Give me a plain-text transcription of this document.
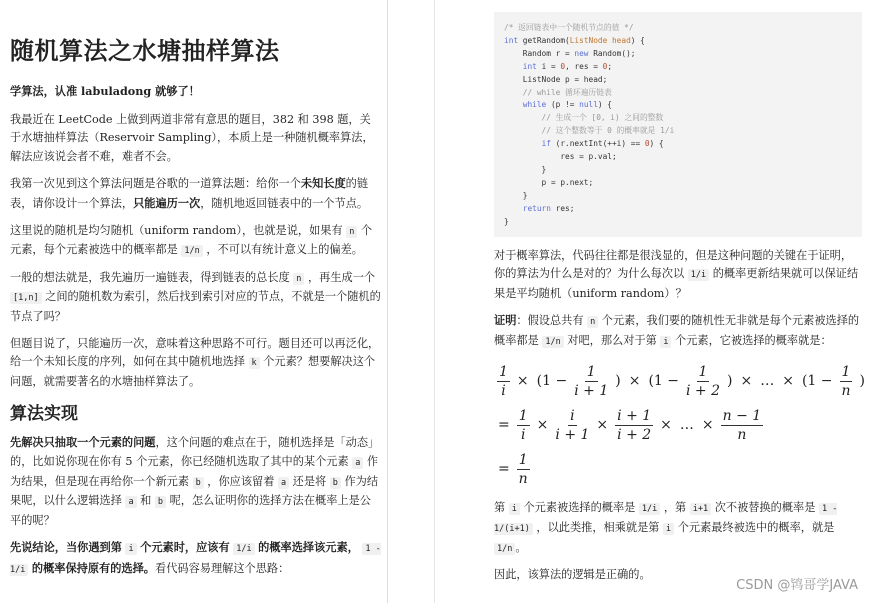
随机算法之水塘抽样算法

学算法，认准 labuladong 就够了！

我最近在 LeetCode 上做到两道非常有意思的题目，382 和 398 题，关于水塘抽样算法（Reservoir Sampling），本质上是一种随机概率算法，解法应该说会者不难，难者不会。

我第一次见到这个算法问题是谷歌的一道算法题：给你一个未知长度的链表，请你设计一个算法，只能遍历一次，随机地返回链表中的一个节点。

这里说的随机是均匀随机（uniform random），也就是说，如果有 n 个元素，每个元素被选中的概率都是 1/n ，不可以有统计意义上的偏差。

一般的想法就是，我先遍历一遍链表，得到链表的总长度 n ，再生成一个 [1,n] 之间的随机数为索引，然后找到索引对应的节点，不就是一个随机的节点了吗？

但题目说了，只能遍历一次，意味着这种思路不可行。题目还可以再泛化，给一个未知长度的序列，如何在其中随机地选择 k 个元素？想要解决这个问题，就需要著名的水塘抽样算法了。

算法实现

先解决只抽取一个元素的问题，这个问题的难点在于，随机选择是「动态」的，比如说你现在你有 5 个元素，你已经随机选取了其中的某个元素 a 作为结果，但是现在再给你一个新元素 b ，你应该留着 a 还是将 b 作为结果呢，以什么逻辑选择 a 和 b 呢，怎么证明你的选择方法在概率上是公平的呢？

先说结论，当你遇到第 i 个元素时，应该有 1/i 的概率选择该元素， 1 - 1/i 的概率保持原有的选择。看代码容易理解这个思路：

/* 返回链表中一个随机节点的值 */
int getRandom(ListNode head) {
Random r = new Random();
int i = 0, res = 0;
ListNode p = head;
// while 循环遍历链表
while (p != null) {
// 生成一个 [0, i) 之间的整数
// 这个整数等于 0 的概率就是 1/i
if (r.nextInt(++i) == 0) {
res = p.val;
}
p = p.next;
}
return res;
}

对于概率算法，代码往往都是很浅显的，但是这种问题的关键在于证明，你的算法为什么是对的？为什么每次以 1/i 的概率更新结果就可以保证结果是平均随机（uniform random）？

证明：假设总共有 n 个元素，我们要的随机性无非就是每个元素被选择的概率都是 1/n 对吧，那么对于第 i 个元素，它被选择的概率就是：

$\frac{1}{i} \times (1 - \frac{1}{i + 1}$ ) × ($1 - \frac{1}{i + 2}$ ) × … × ($1 - \frac{1}{n}$ )
= $\frac{1}{i} \times \frac{i}{i + 1} \times \frac{i + 1}{i + 2}$ × … × $\frac{n - 1}{n}$
= $\frac{1}{n}$

第 i 个元素被选择的概率是 1/i ，第 i+1 次不被替换的概率是 1 - 1/(i+1) ，以此类推，相乘就是第 i 个元素最终被选中的概率，就是 1/n 。

因此，该算法的逻辑是正确的。

CSDN @鸨哥学JAVA
